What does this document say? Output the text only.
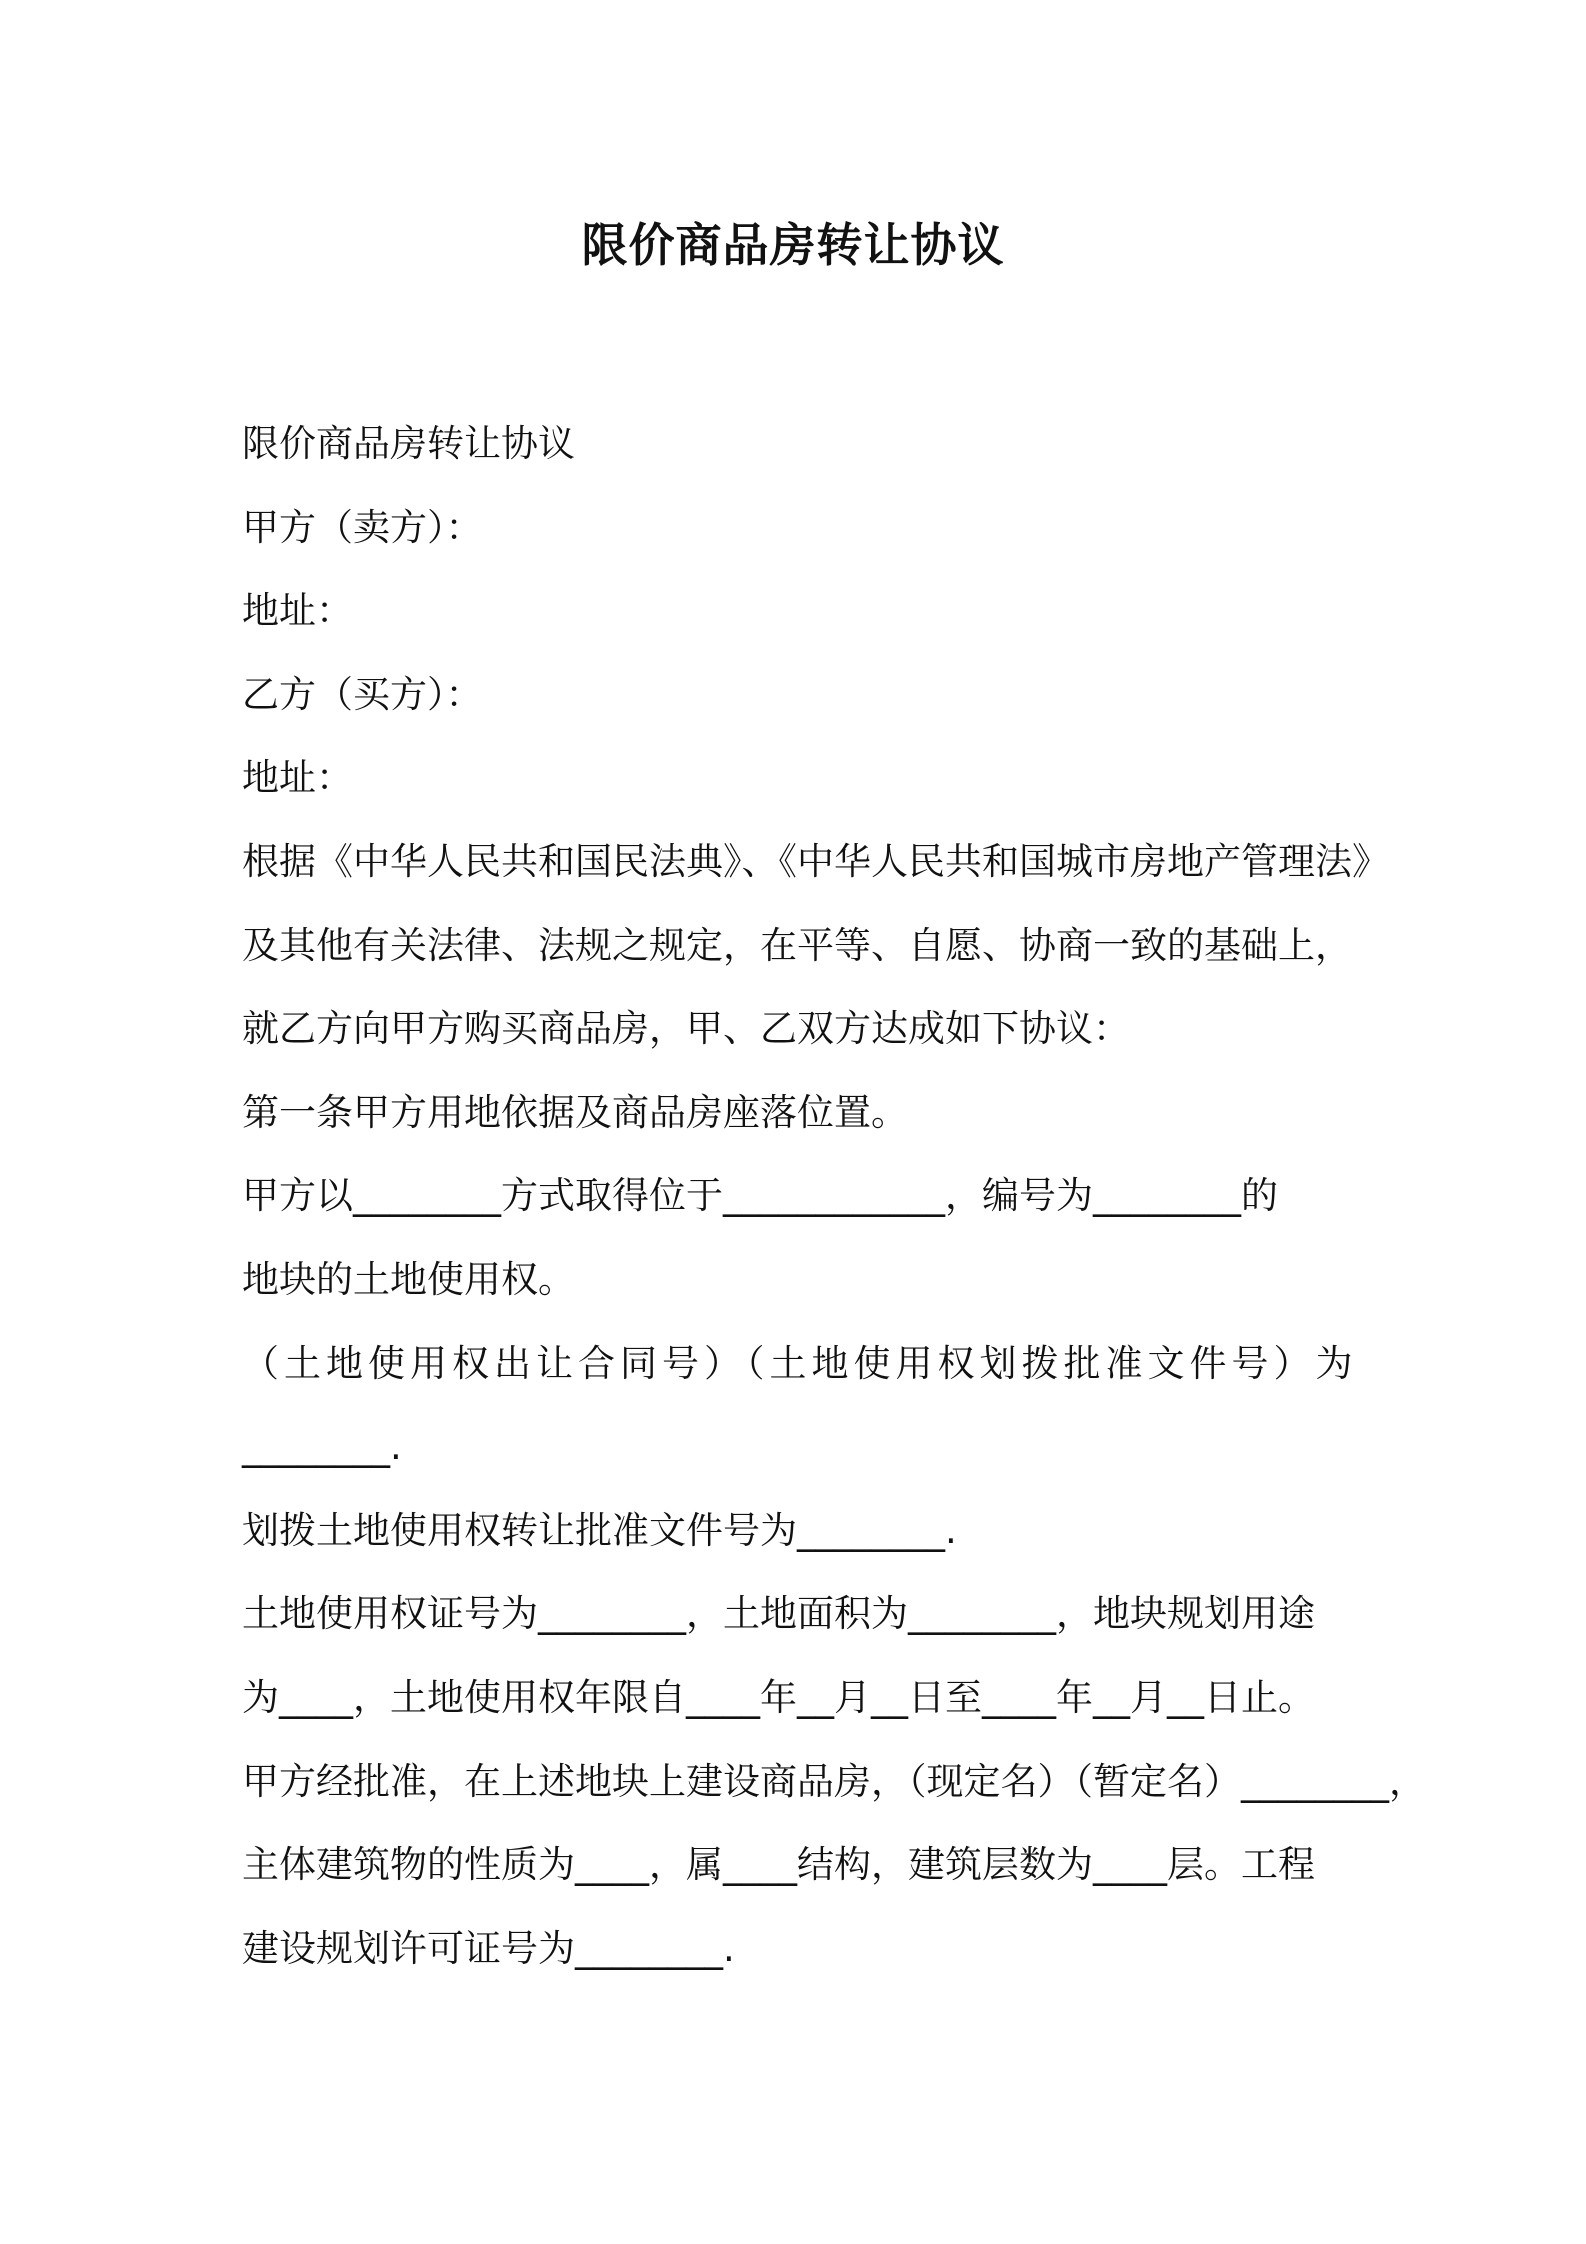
限价商品房转让协议
限价商品房转让协议
甲方（卖方）：
地址：
乙方（买方）：
地址：
根据《中华人民共和国民法典》、《中华人民共和国城市房地产管理法》
及其他有关法律、法规之规定，在平等、自愿、协商一致的基础上，
就乙方向甲方购买商品房，甲、乙双方达成如下协议：
第一条甲方用地依据及商品房座落位置。
甲方以________方式取得位于____________，编号为________的
地块的土地使用权。
（土地使用权出让合同号）（土地使用权划拨批准文件号）为
________.
划拨土地使用权转让批准文件号为________.
土地使用权证号为________，土地面积为________，地块规划用途
为____，土地使用权年限自____年__月__日至____年__月__日止。
甲方经批准，在上述地块上建设商品房，（现定名）（暂定名）________，
主体建筑物的性质为____，属____结构，建筑层数为____层。工程
建设规划许可证号为________.
